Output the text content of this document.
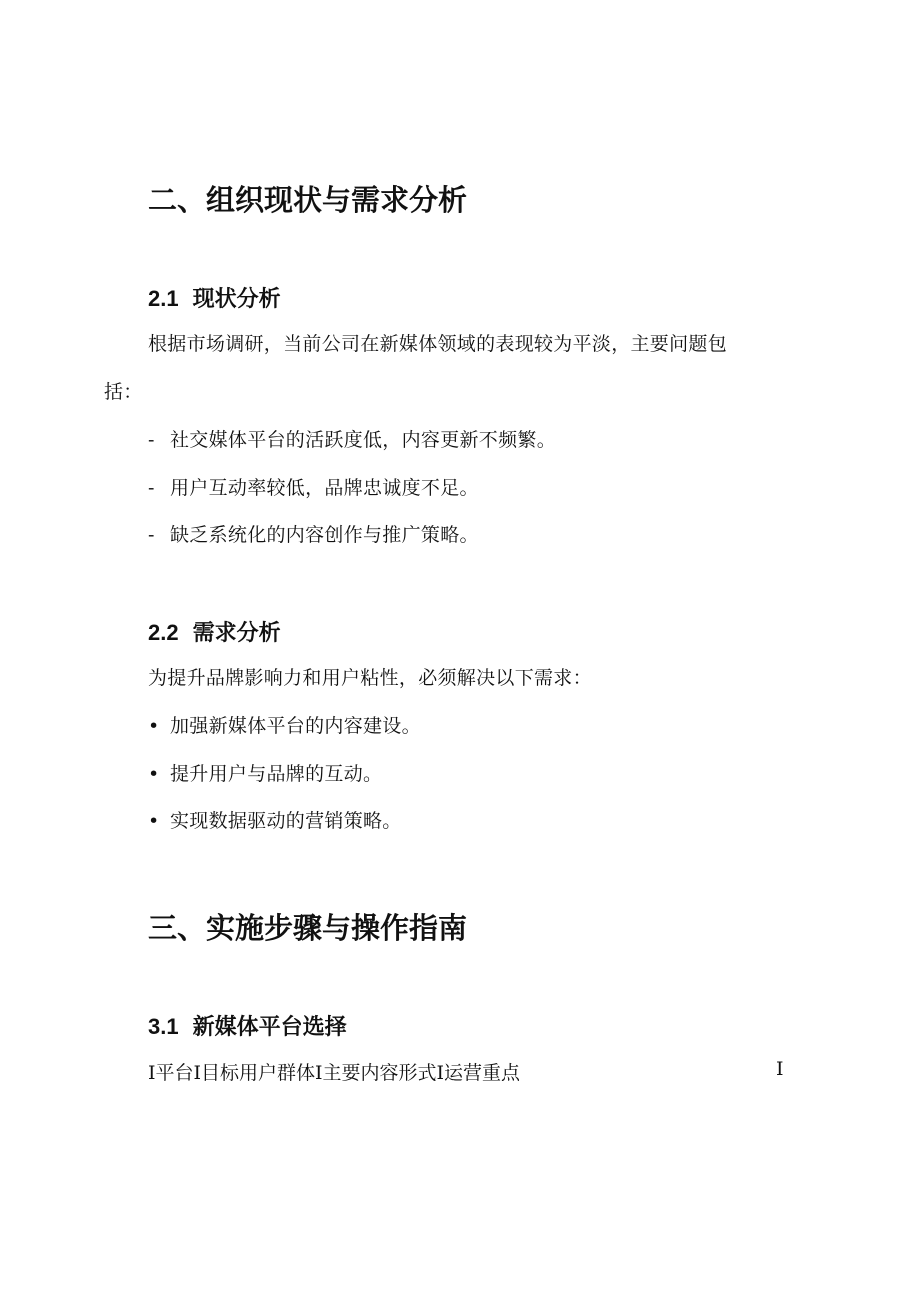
二、组织现状与需求分析
2.1 现状分析
根据市场调研，当前公司在新媒体领域的表现较为平淡，主要问题包
括：
- 社交媒体平台的活跃度低，内容更新不频繁。
- 用户互动率较低，品牌忠诚度不足。
- 缺乏系统化的内容创作与推广策略。
2.2 需求分析
为提升品牌影响力和用户粘性，必须解决以下需求：
• 加强新媒体平台的内容建设。
• 提升用户与品牌的互动。
• 实现数据驱动的营销策略。
三、实施步骤与操作指南
3.1 新媒体平台选择
I平台I目标用户群体I主要内容形式I运营重点	I
